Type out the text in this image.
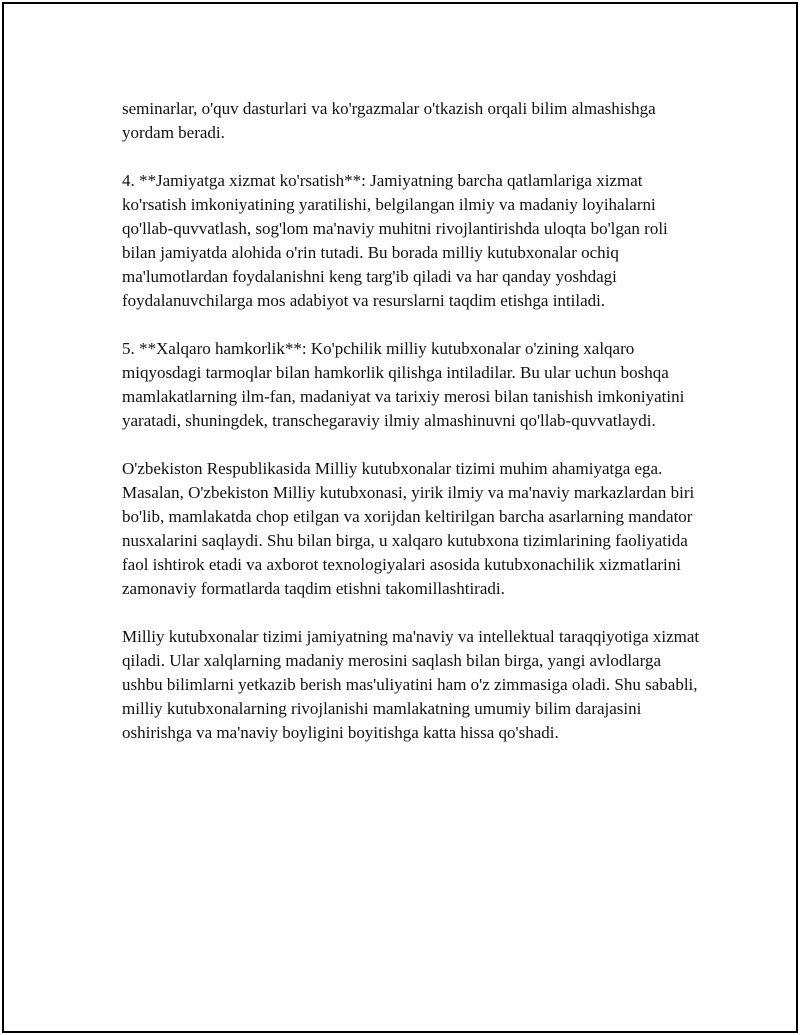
seminarlar, o'quv dasturlari va ko'rgazmalar o'tkazish orqali bilim almashishga yordam beradi.

4. **Jamiyatga xizmat ko'rsatish**: Jamiyatning barcha qatlamlariga xizmat ko'rsatish imkoniyatining yaratilishi, belgilangan ilmiy va madaniy loyihalarni qo'llab-quvvatlash, sog'lom ma'naviy muhitni rivojlantirishda uloqta bo'lgan roli bilan jamiyatda alohida o'rin tutadi. Bu borada milliy kutubxonalar ochiq ma'lumotlardan foydalanishni keng targ'ib qiladi va har qanday yoshdagi foydalanuvchilarga mos adabiyot va resurslarni taqdim etishga intiladi.

5. **Xalqaro hamkorlik**: Ko'pchilik milliy kutubxonalar o'zining xalqaro miqyosdagi tarmoqlar bilan hamkorlik qilishga intiladilar. Bu ular uchun boshqa mamlakatlarning ilm-fan, madaniyat va tarixiy merosi bilan tanishish imkoniyatini yaratadi, shuningdek, transchegaraviy ilmiy almashinuvni qo'llab-quvvatlaydi.

O'zbekiston Respublikasida Milliy kutubxonalar tizimi muhim ahamiyatga ega. Masalan, O'zbekiston Milliy kutubxonasi, yirik ilmiy va ma'naviy markazlardan biri bo'lib, mamlakatda chop etilgan va xorijdan keltirilgan barcha asarlarning mandator nusxalarini saqlaydi. Shu bilan birga, u xalqaro kutubxona tizimlarining faoliyatida faol ishtirok etadi va axborot texnologiyalari asosida kutubxonachilik xizmatlarini zamonaviy formatlarda taqdim etishni takomillashtiradi.

Milliy kutubxonalar tizimi jamiyatning ma'naviy va intellektual taraqqiyotiga xizmat qiladi. Ular xalqlarning madaniy merosini saqlash bilan birga, yangi avlodlarga ushbu bilimlarni yetkazib berish mas'uliyatini ham o'z zimmasiga oladi. Shu sababli, milliy kutubxonalarning rivojlanishi mamlakatning umumiy bilim darajasini oshirishga va ma'naviy boyligini boyitishga katta hissa qo'shadi.
